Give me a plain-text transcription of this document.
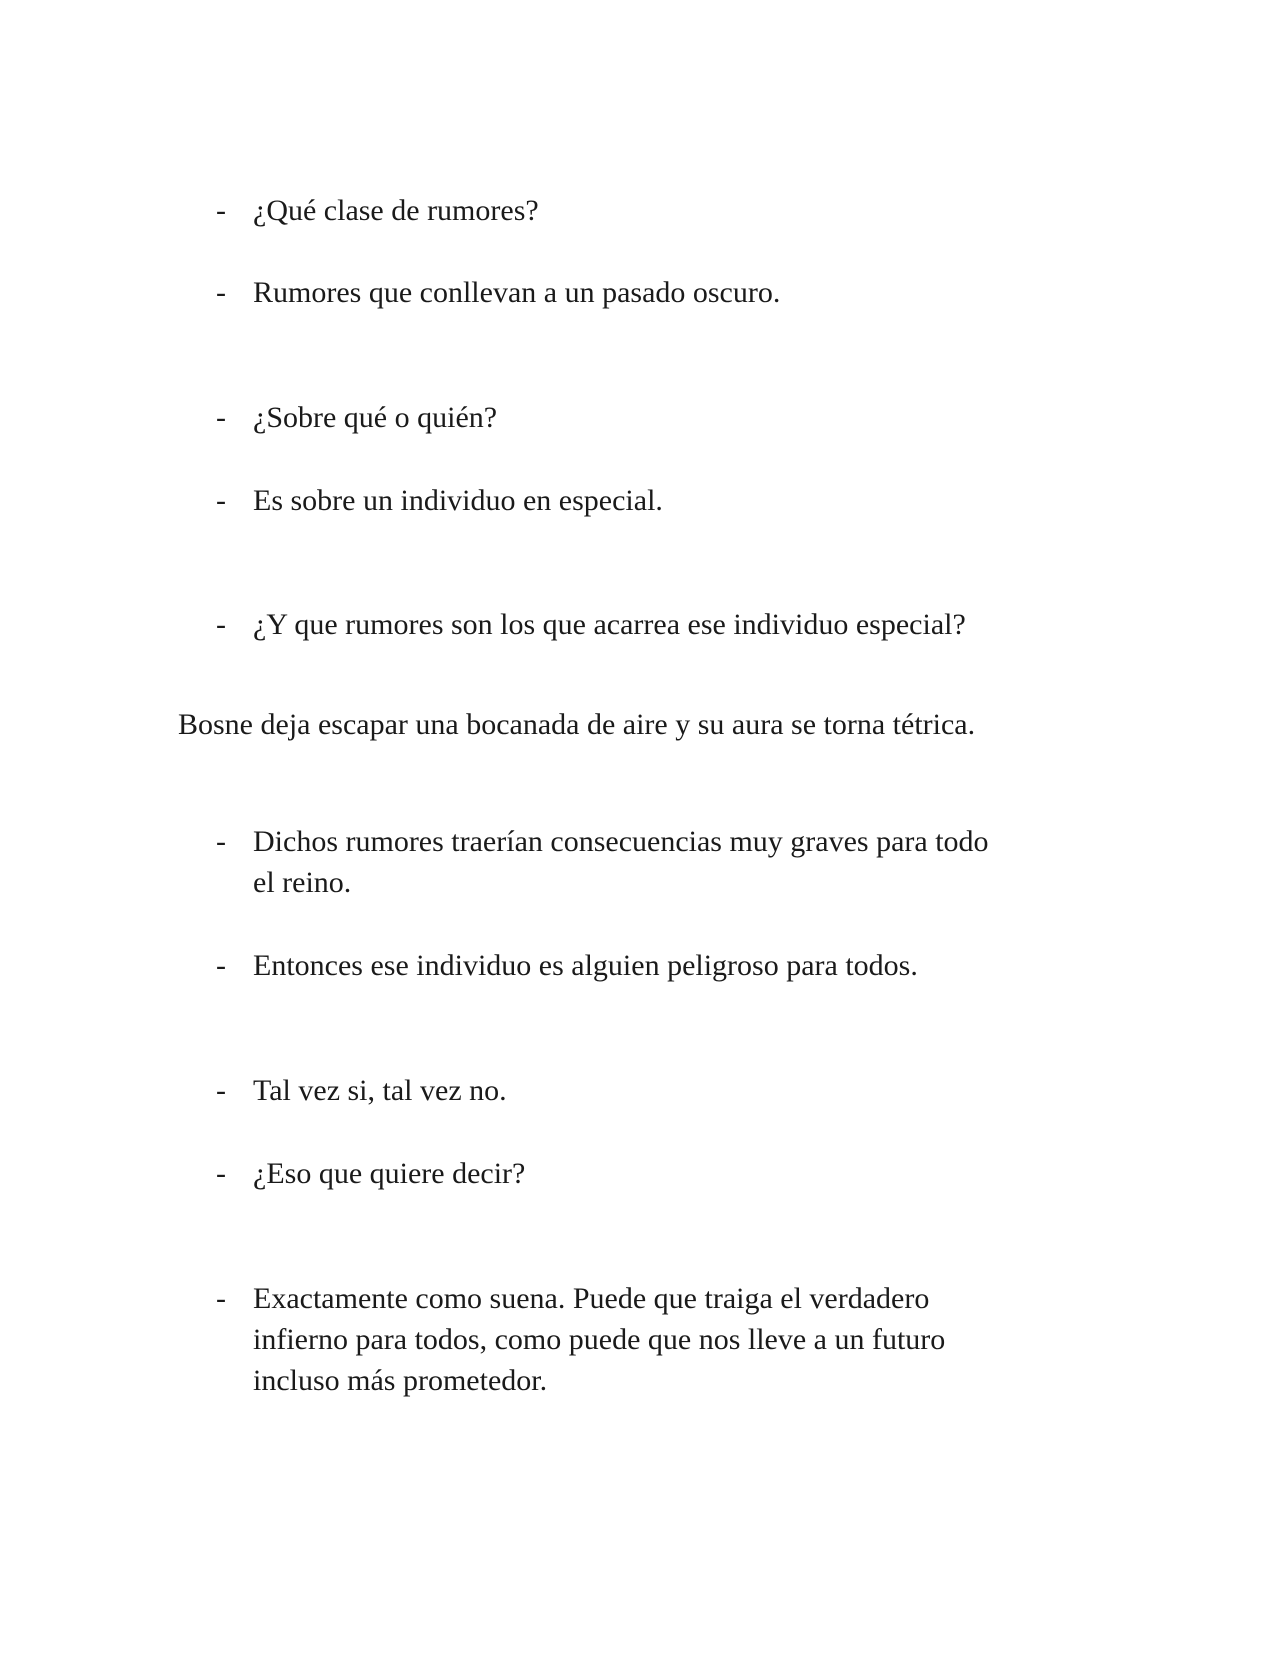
- ¿Qué clase de rumores?
- Rumores que conllevan a un pasado oscuro.
- ¿Sobre qué o quién?
- Es sobre un individuo en especial.
- ¿Y que rumores son los que acarrea ese individuo especial?
Bosne deja escapar una bocanada de aire y su aura se torna tétrica.
- Dichos rumores traerían consecuencias muy graves para todo
el reino.
- Entonces ese individuo es alguien peligroso para todos.
- Tal vez si, tal vez no.
- ¿Eso que quiere decir?
- Exactamente como suena. Puede que traiga el verdadero
infierno para todos, como puede que nos lleve a un futuro
incluso más prometedor.
